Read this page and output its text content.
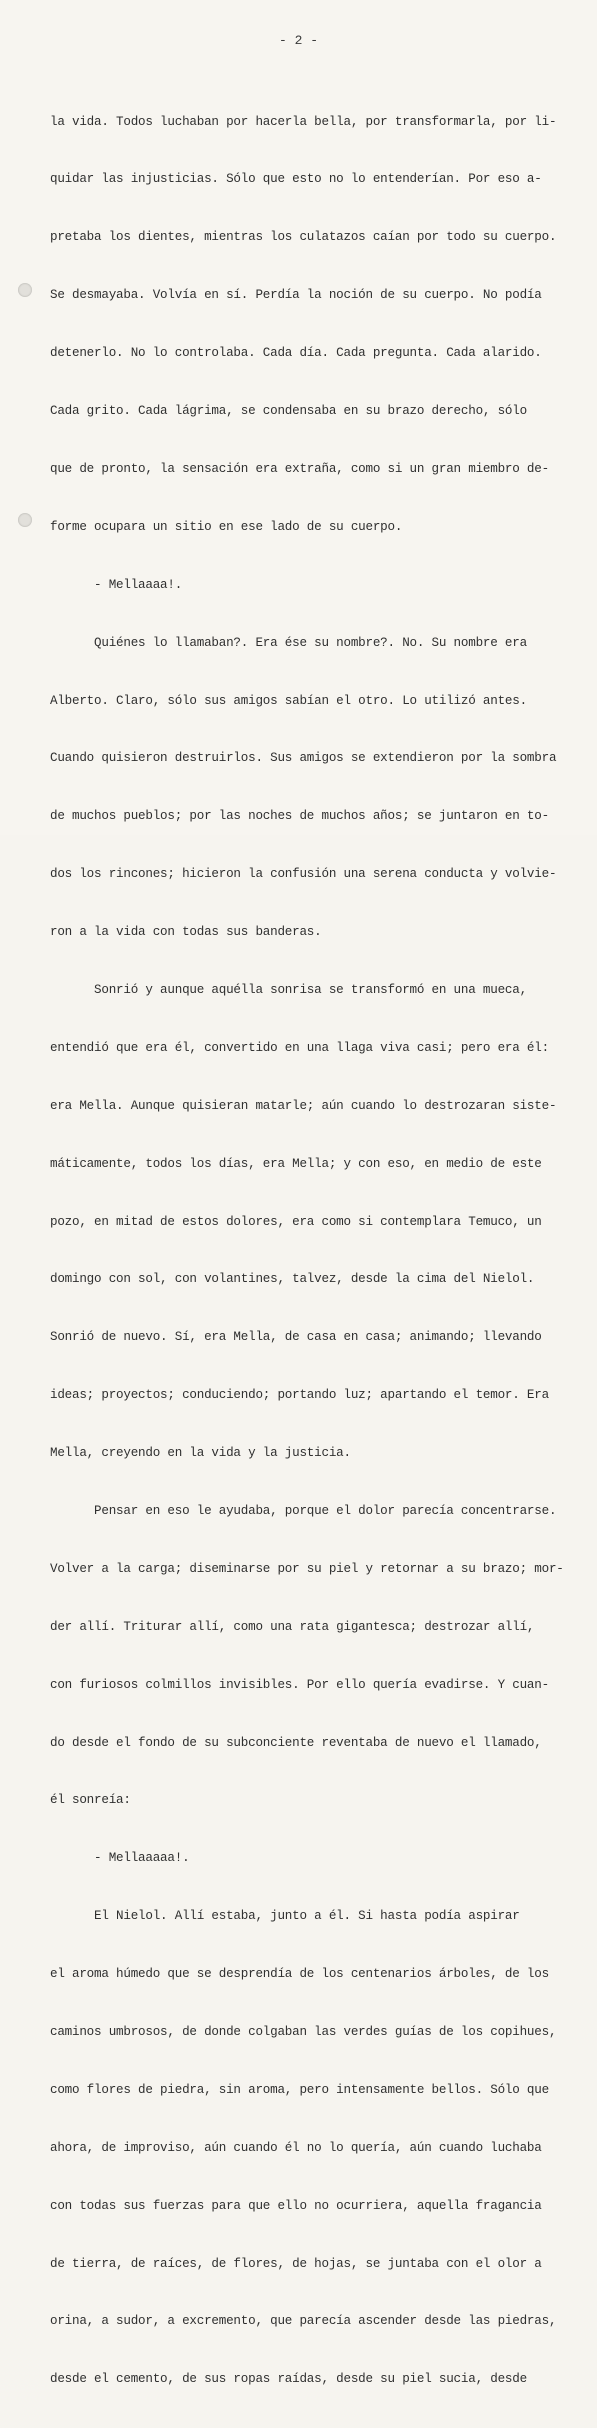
- 2 -

la vida. Todos luchaban por hacerla bella, por transformarla, por li-

quidar las injusticias. Sólo que esto no lo entenderían. Por eso a-

pretaba los dientes, mientras los culatazos caían por todo su cuerpo.

Se desmayaba. Volvía en sí. Perdía la noción de su cuerpo. No podía

detenerlo. No lo controlaba. Cada día. Cada pregunta. Cada alarido.

Cada grito. Cada lágrima, se condensaba en su brazo derecho, sólo

que de pronto, la sensación era extraña, como si un gran miembro de-

forme ocupara un sitio en ese lado de su cuerpo.

- Mellaaaa!.

Quiénes lo llamaban?. Era ése su nombre?. No. Su nombre era

Alberto. Claro, sólo sus amigos sabían el otro. Lo utilizó antes.

Cuando quisieron destruirlos. Sus amigos se extendieron por la sombra

de muchos pueblos; por las noches de muchos años; se juntaron en to-

dos los rincones; hicieron la confusión una serena conducta y volvie-

ron a la vida con todas sus banderas.

Sonrió y aunque aquélla sonrisa se transformó en una mueca,

entendió que era él, convertido en una llaga viva casi; pero era él:

era Mella. Aunque quisieran matarle; aún cuando lo destrozaran siste-

máticamente, todos los días, era Mella; y con eso, en medio de este

pozo, en mitad de estos dolores, era como si contemplara Temuco, un

domingo con sol, con volantines, talvez, desde la cima del Nielol.

Sonrió de nuevo. Sí, era Mella, de casa en casa; animando; llevando

ideas; proyectos; conduciendo; portando luz; apartando el temor. Era

Mella, creyendo en la vida y la justicia.

Pensar en eso le ayudaba, porque el dolor parecía concentrarse.

Volver a la carga; diseminarse por su piel y retornar a su brazo; mor-

der allí. Triturar allí, como una rata gigantesca; destrozar allí,

con furiosos colmillos invisibles. Por ello quería evadirse. Y cuan-

do desde el fondo de su subconciente reventaba de nuevo el llamado,

él sonreía:

- Mellaaaaa!.

El Nielol. Allí estaba, junto a él. Si hasta podía aspirar

el aroma húmedo que se desprendía de los centenarios árboles, de los

caminos umbrosos, de donde colgaban las verdes guías de los copihues,

como flores de piedra, sin aroma, pero intensamente bellos. Sólo que

ahora, de improviso, aún cuando él no lo quería, aún cuando luchaba

con todas sus fuerzas para que ello no ocurriera, aquella fragancia

de tierra, de raíces, de flores, de hojas, se juntaba con el olor a

orina, a sudor, a excremento, que parecía ascender desde las piedras,

desde el cemento, de sus ropas raídas, desde su piel sucia, desde
